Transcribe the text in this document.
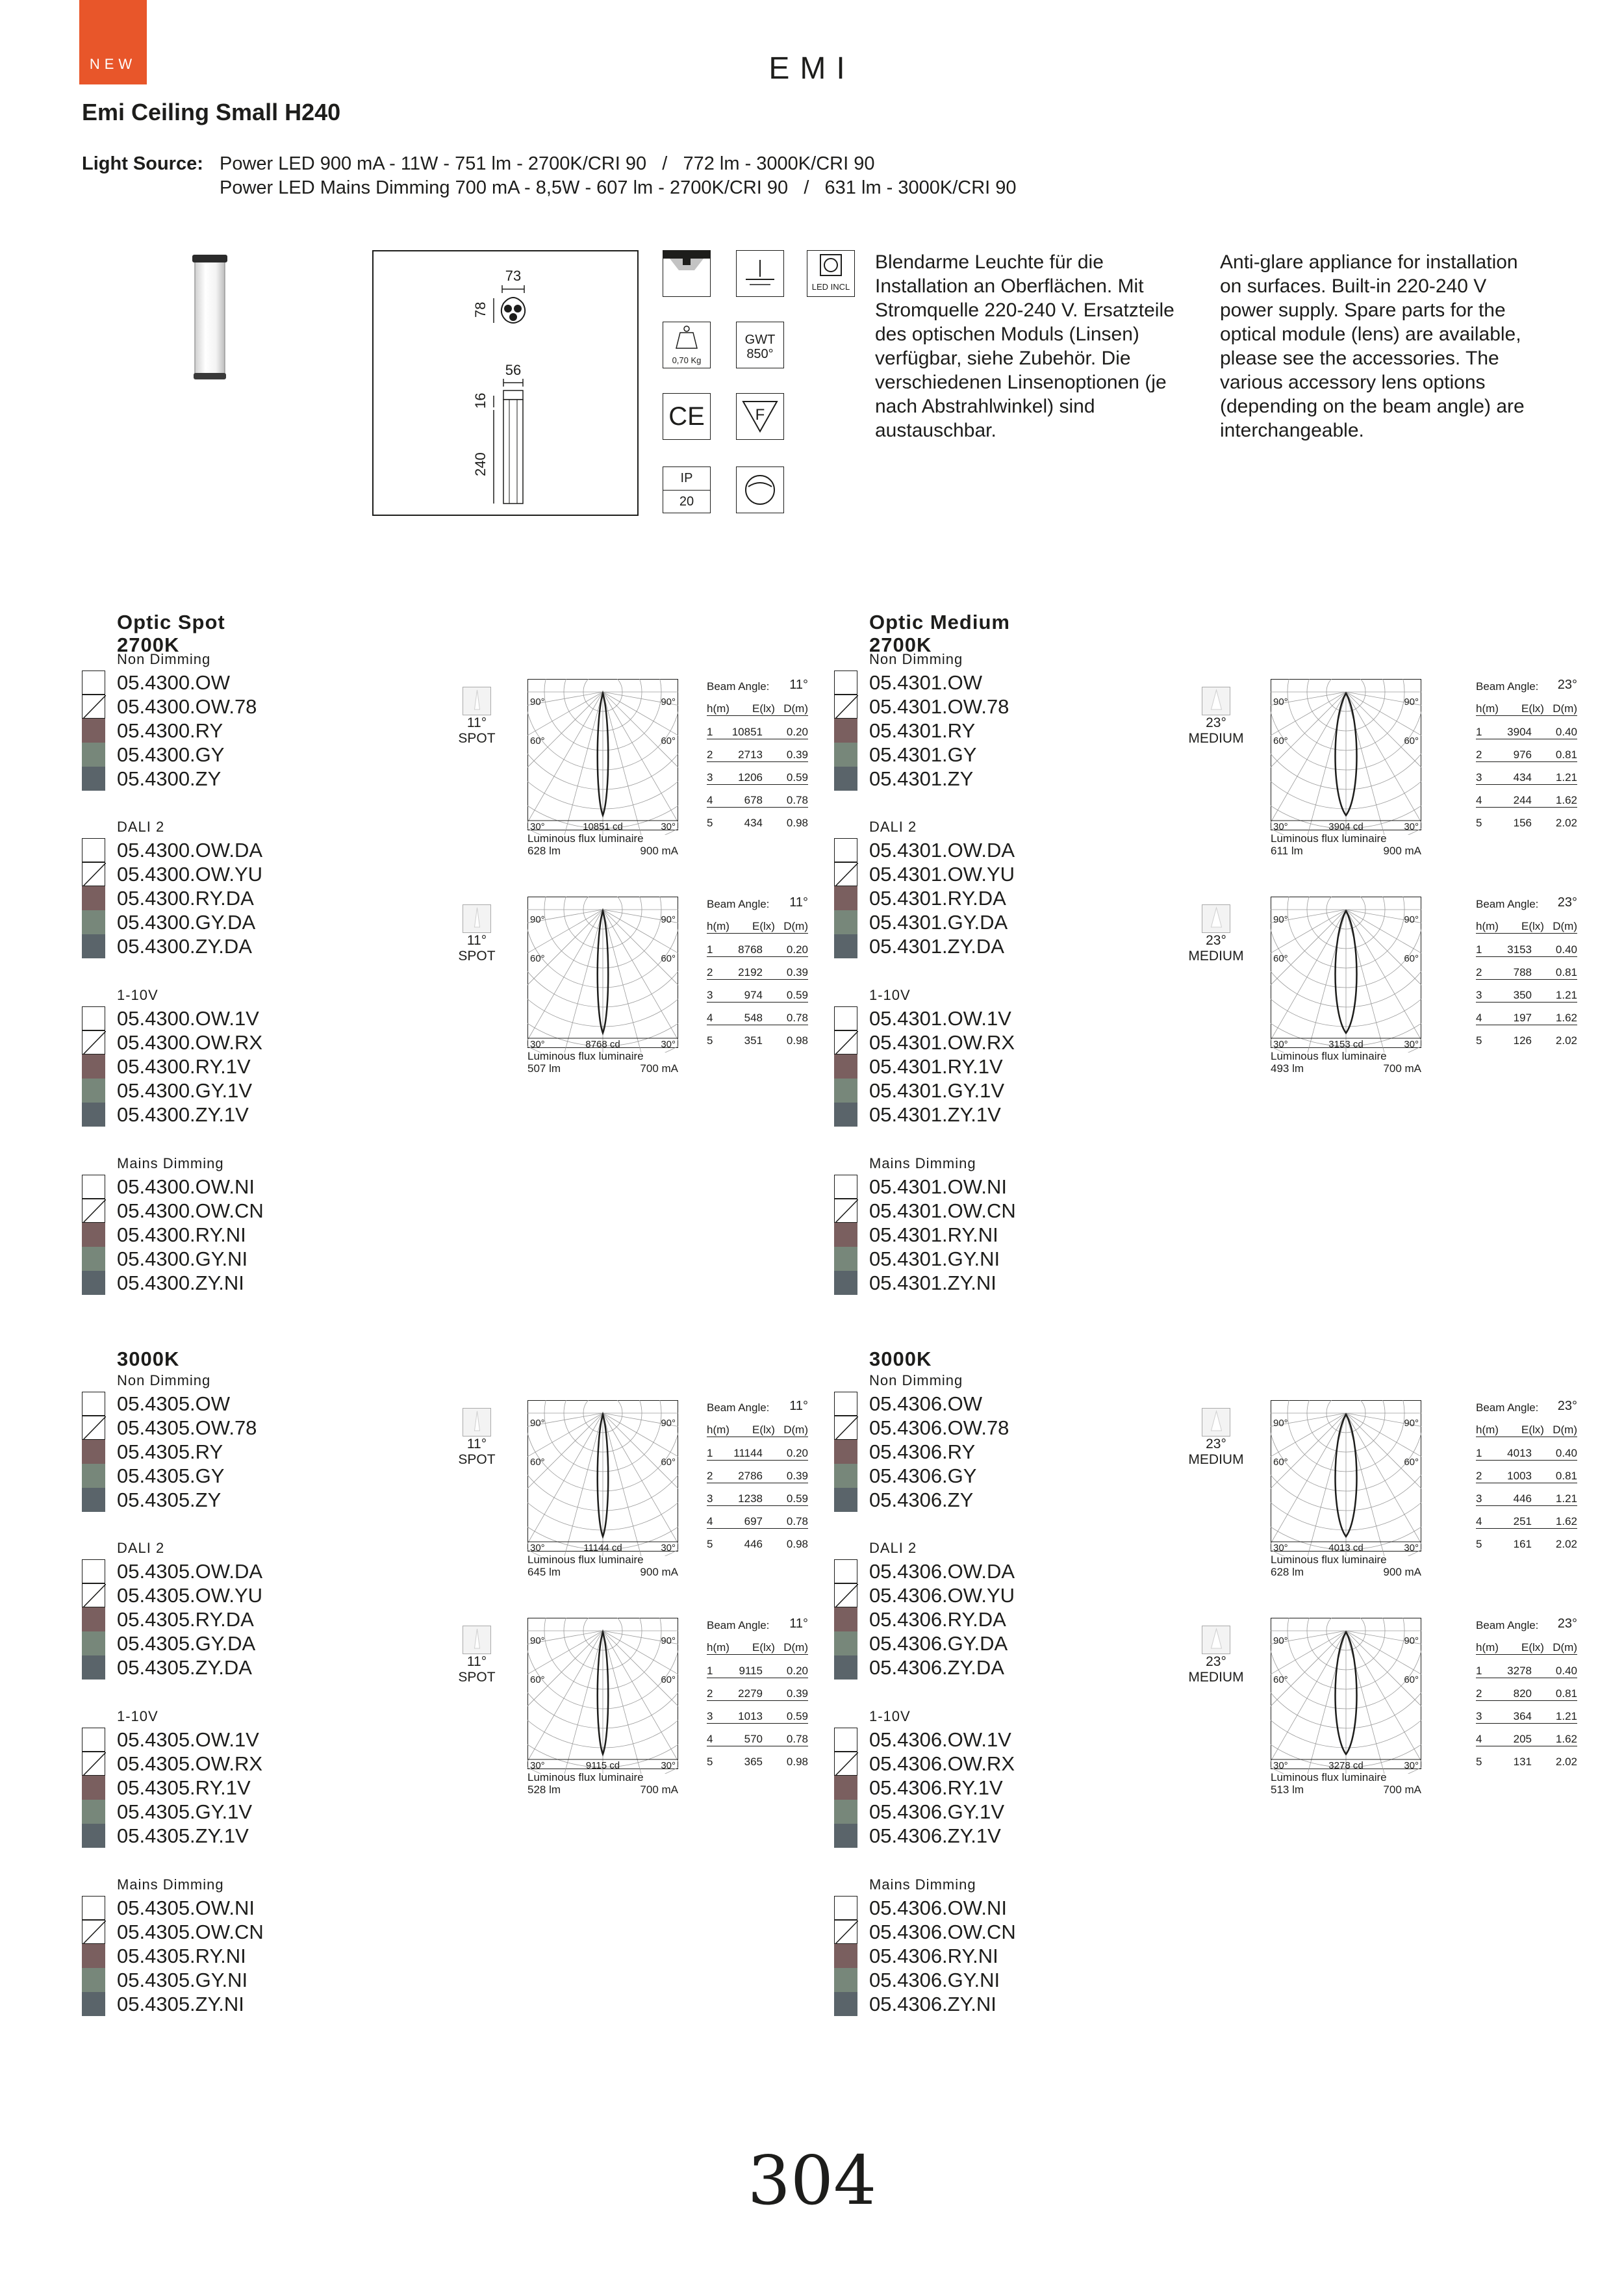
NEW	EMI
Emi Ceiling Small H240
Light Source: Power LED 900 mA - 11W - 751 lm - 2700K/CRI 90   /   772 lm - 3000K/CRI 90
Power LED Mains Dimming 700 mA - 8,5W - 607 lm - 2700K/CRI 90   /   631 lm - 3000K/CRI 90
73
78
56
16
240
LED INCL
0,70 Kg
GWT
850°
CE	F
IP
20
Blendarme Leuchte für die Installation an Oberflächen. Mit Stromquelle 220-240 V. Ersatzteile des optischen Moduls (Linsen) verfügbar, siehe Zubehör. Die verschiedenen Linsenoptionen (je nach Abstrahlwinkel) sind austauschbar.
Anti-glare appliance for installation on surfaces. Built-in 220-240 V power supply. Spare parts for the optical module (lens) are available, please see the accessories. The various accessory lens options (depending on the beam angle) are interchangeable.
Optic Spot
2700K
Non Dimming
05.4300.OW
05.4300.OW.78
05.4300.RY
05.4300.GY
05.4300.ZY
DALI 2
05.4300.OW.DA
05.4300.OW.YU
05.4300.RY.DA
05.4300.GY.DA
05.4300.ZY.DA
1-10V
05.4300.OW.1V
05.4300.OW.RX
05.4300.RY.1V
05.4300.GY.1V
05.4300.ZY.1V
Mains Dimming
05.4300.OW.NI
05.4300.OW.CN
05.4300.RY.NI
05.4300.GY.NI
05.4300.ZY.NI
11°
SPOT
90°	90°
60°	60°
30°	30°
10851 cd
Luminous flux luminaire
628 lm	900 mA
Beam Angle: 11°
h(m) E(lx) D(m)
1 10851 0.20
2 2713 0.39
3 1206 0.59
4	678 0.78
5	434 0.98
11°
SPOT
90°	90°
60°	60°
30°	30°
8768 cd
Luminous flux luminaire
507 lm	700 mA
Beam Angle: 11°
h(m) E(lx) D(m)
1 8768 0.20
2 2192 0.39
3	974 0.59
4	548 0.78
5	351 0.98
Optic Medium
2700K
Non Dimming
05.4301.OW
05.4301.OW.78
05.4301.RY
05.4301.GY
05.4301.ZY
DALI 2
05.4301.OW.DA
05.4301.OW.YU
05.4301.RY.DA
05.4301.GY.DA
05.4301.ZY.DA
1-10V
05.4301.OW.1V
05.4301.OW.RX
05.4301.RY.1V
05.4301.GY.1V
05.4301.ZY.1V
Mains Dimming
05.4301.OW.NI
05.4301.OW.CN
05.4301.RY.NI
05.4301.GY.NI
05.4301.ZY.NI
23°
MEDIUM
90°	90°
60°	60°
30°	30°
3904 cd
Luminous flux luminaire
611 lm	900 mA
Beam Angle: 23°
h(m) E(lx) D(m)
1 3904 0.40
2	976 0.81
3	434 1.21
4	244 1.62
5	156 2.02
23°
MEDIUM
90°	90°
60°	60°
30°	30°
3153 cd
Luminous flux luminaire
493 lm	700 mA
Beam Angle: 23°
h(m) E(lx) D(m)
1 3153 0.40
2	788 0.81
3	350 1.21
4	197 1.62
5	126 2.02
3000K
Non Dimming
05.4305.OW
05.4305.OW.78
05.4305.RY
05.4305.GY
05.4305.ZY
DALI 2
05.4305.OW.DA
05.4305.OW.YU
05.4305.RY.DA
05.4305.GY.DA
05.4305.ZY.DA
1-10V
05.4305.OW.1V
05.4305.OW.RX
05.4305.RY.1V
05.4305.GY.1V
05.4305.ZY.1V
Mains Dimming
05.4305.OW.NI
05.4305.OW.CN
05.4305.RY.NI
05.4305.GY.NI
05.4305.ZY.NI
11°
SPOT
90°	90°
60°	60°
30°	30°
11144 cd
Luminous flux luminaire
645 lm	900 mA
Beam Angle: 11°
h(m) E(lx) D(m)
1 11144 0.20
2 2786 0.39
3 1238 0.59
4	697 0.78
5	446 0.98
11°
SPOT
90°	90°
60°	60°
30°	30°
9115 cd
Luminous flux luminaire
528 lm	700 mA
Beam Angle: 11°
h(m) E(lx) D(m)
1 9115 0.20
2 2279 0.39
3 1013 0.59
4	570 0.78
5	365 0.98
3000K
Non Dimming
05.4306.OW
05.4306.OW.78
05.4306.RY
05.4306.GY
05.4306.ZY
DALI 2
05.4306.OW.DA
05.4306.OW.YU
05.4306.RY.DA
05.4306.GY.DA
05.4306.ZY.DA
1-10V
05.4306.OW.1V
05.4306.OW.RX
05.4306.RY.1V
05.4306.GY.1V
05.4306.ZY.1V
Mains Dimming
05.4306.OW.NI
05.4306.OW.CN
05.4306.RY.NI
05.4306.GY.NI
05.4306.ZY.NI
23°
MEDIUM
90°	90°
60°	60°
30°	30°
4013 cd
Luminous flux luminaire
628 lm	900 mA
Beam Angle: 23°
h(m) E(lx) D(m)
1 4013 0.40
2 1003 0.81
3	446 1.21
4	251 1.62
5	161 2.02
23°
MEDIUM
90°	90°
60°	60°
30°	30°
3278 cd
Luminous flux luminaire
513 lm	700 mA
Beam Angle: 23°
h(m) E(lx) D(m)
1 3278 0.40
2	820 0.81
3	364 1.21
4	205 1.62
5	131 2.02
304
